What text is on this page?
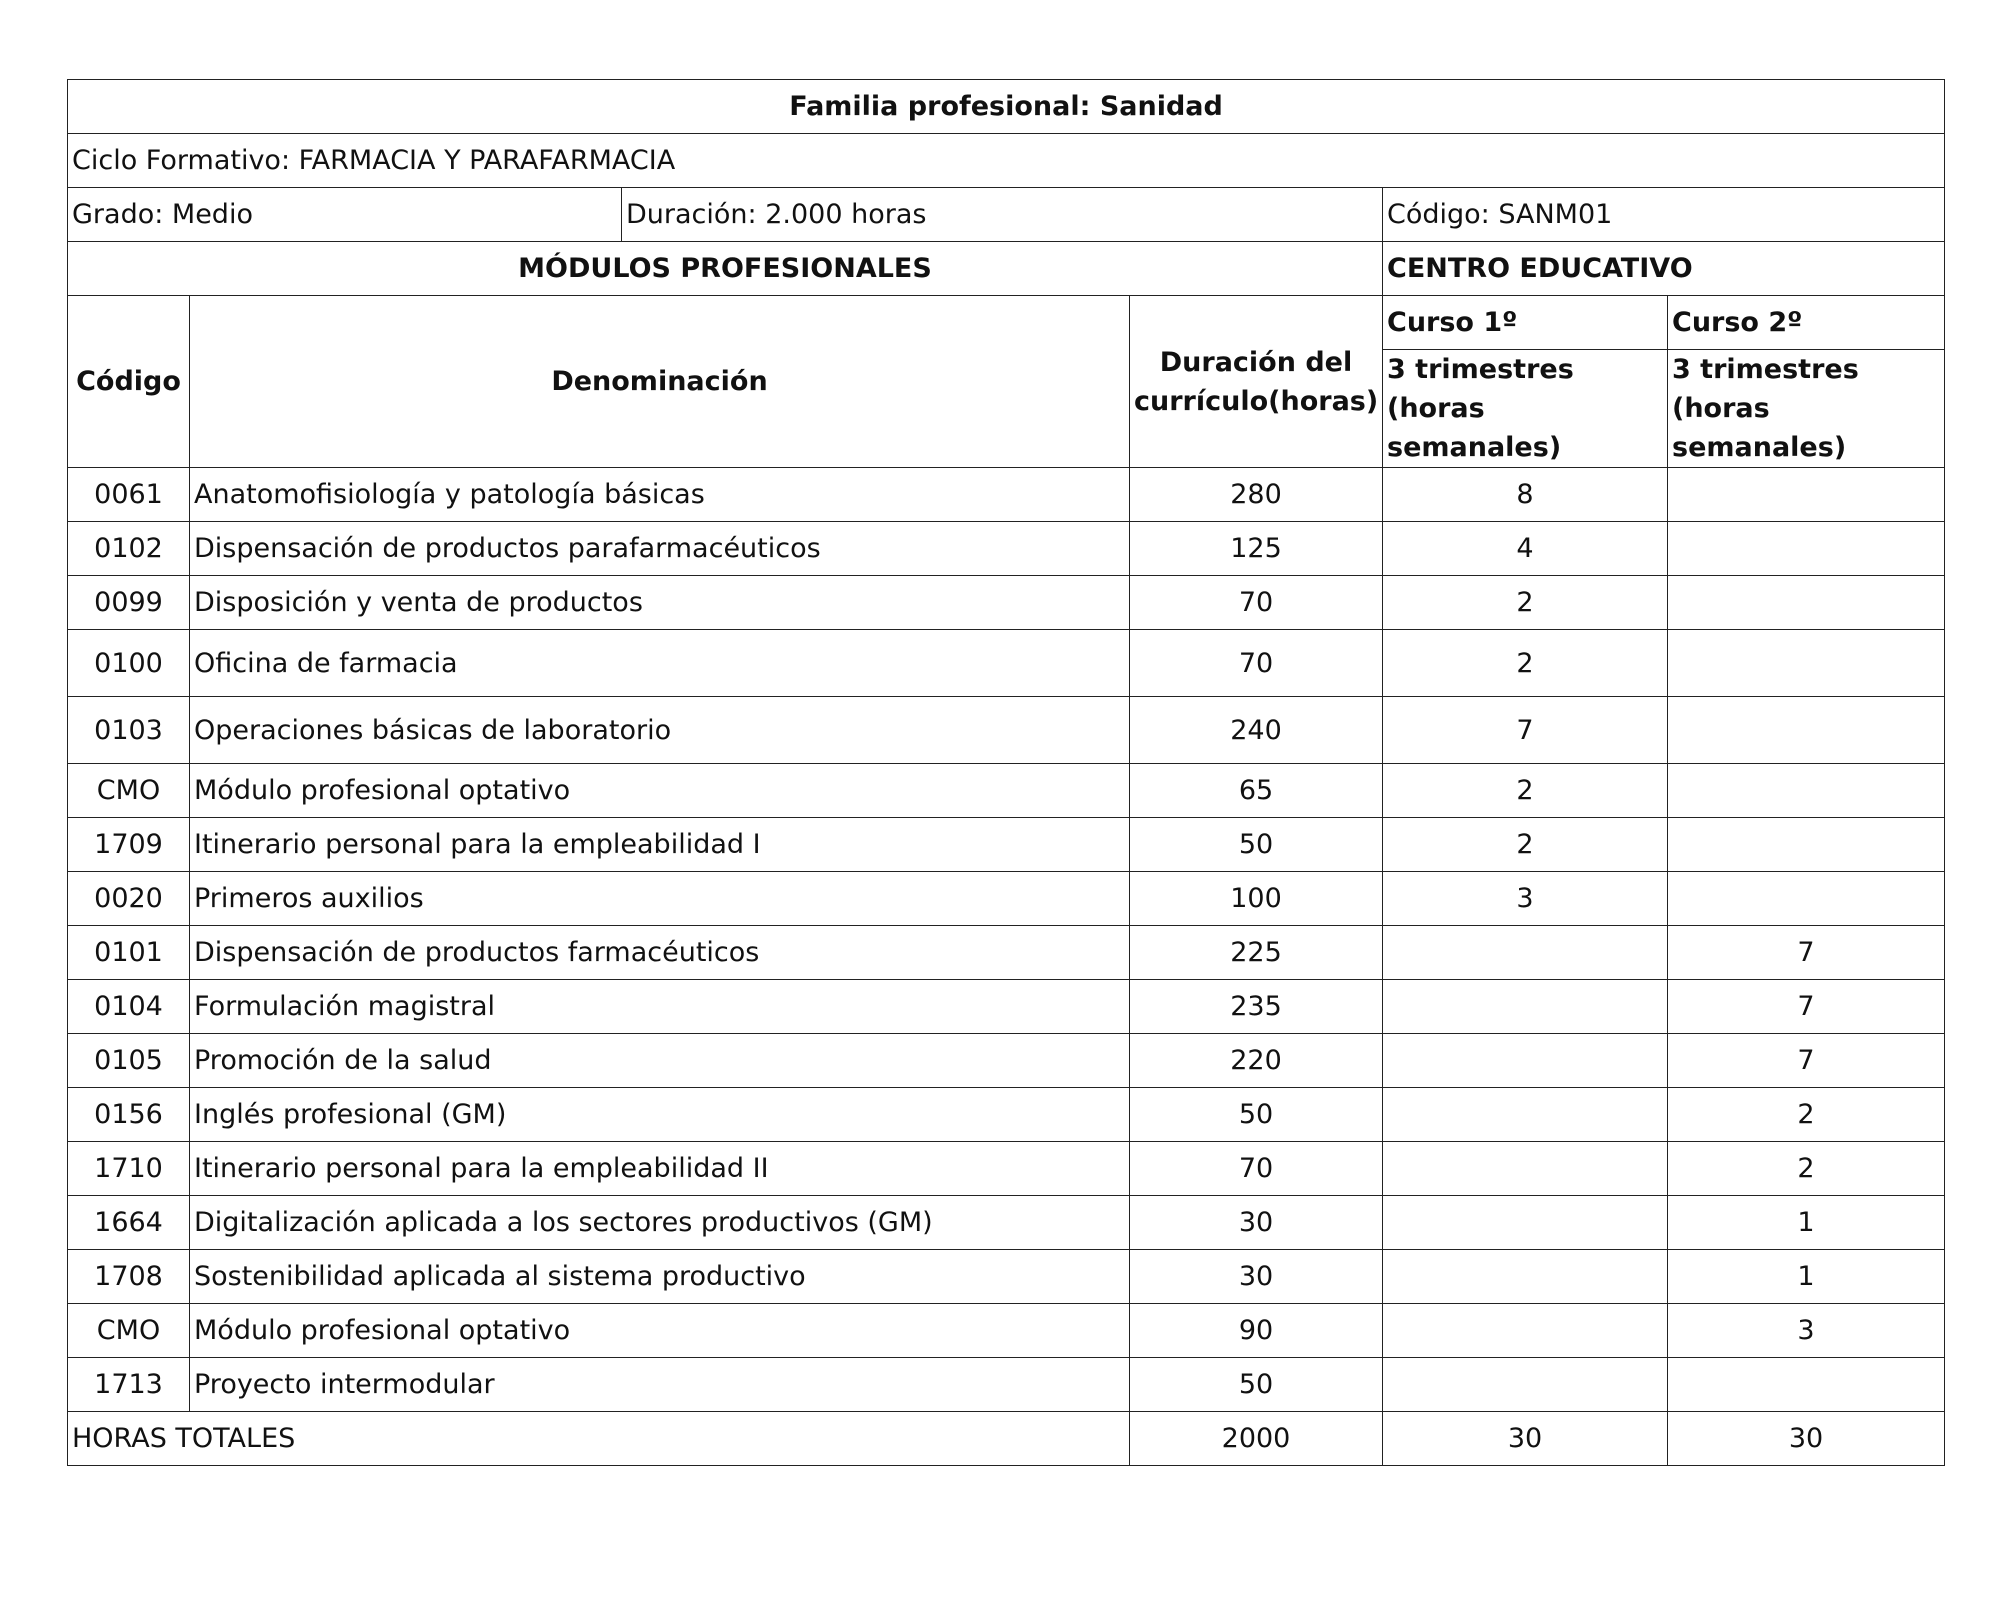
Familia profesional: Sanidad					
Ciclo Formativo: FARMACIA Y PARAFARMACIA					
Grado: Medio		Duración: 2.000 horas		Código: SANM01	
MÓDULOS PROFESIONALES				CENTRO EDUCATIVO	
Código	Denominación		Duración del currículo(horas)	Curso 1º	Curso 2º
				3 trimestres (horas semanales)	3 trimestres (horas semanales)
0061	Anatomofisiología y patología básicas		280	8	
0102	Dispensación de productos parafarmacéuticos		125	4	
0099	Disposición y venta de productos		70	2	
0100	Oficina de farmacia		70	2	
0103	Operaciones básicas de laboratorio		240	7	
CMO	Módulo profesional optativo		65	2	
1709	Itinerario personal para la empleabilidad I		50	2	
0020	Primeros auxilios		100	3	
0101	Dispensación de productos farmacéuticos		225		7
0104	Formulación magistral		235		7
0105	Promoción de la salud		220		7
0156	Inglés profesional (GM)		50		2
1710	Itinerario personal para la empleabilidad II		70		2
1664	Digitalización aplicada a los sectores productivos (GM)		30		1
1708	Sostenibilidad aplicada al sistema productivo		30		1
CMO	Módulo profesional optativo		90		3
1713	Proyecto intermodular		50		
HORAS TOTALES			2000	30	30
